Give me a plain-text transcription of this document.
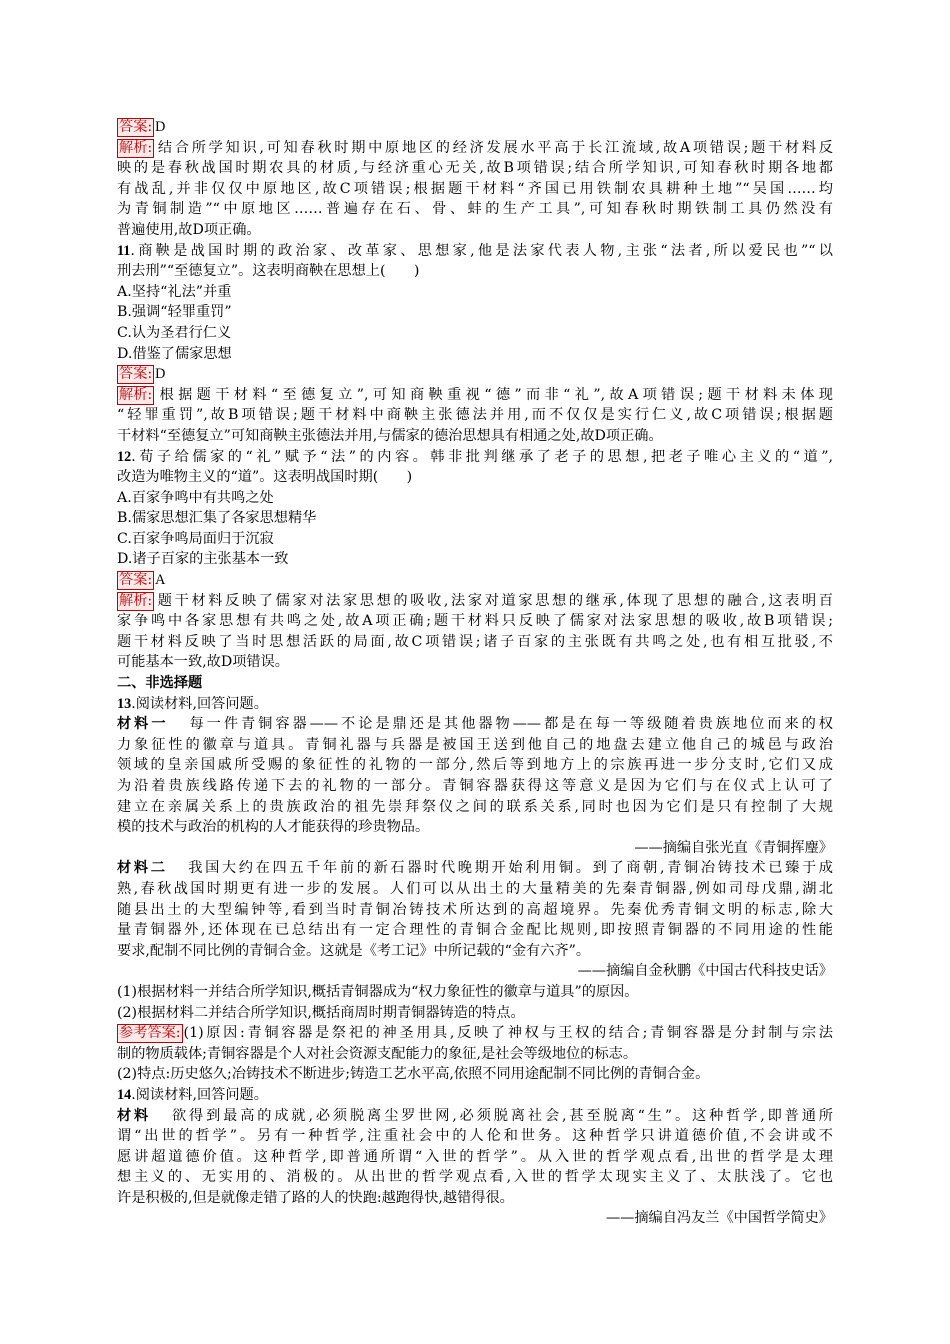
答案: D
解析: 结合所学知识,可知春秋时期中原地区的经济发展水平高于长江流域,故A项错误;题干材料反
映的是春秋战国时期农具的材质,与经济重心无关,故B项错误;结合所学知识,可知春秋时期各地都
有战乱,并非仅仅中原地区,故C项错误;根据题干材料“齐国已用铁制农具耕种土地”“吴国……均
为青铜制造”“中原地区……普遍存在石、骨、蚌的生产工具”,可知春秋时期铁制工具仍然没有
普遍使用,故D项正确。
11.商鞅是战国时期的政治家、改革家、思想家,他是法家代表人物,主张“法者,所以爱民也”“以
刑去刑”“至德复立”。这表明商鞅在思想上(　　)
A.坚持“礼法”并重
B.强调“轻罪重罚”
C.认为圣君行仁义
D.借鉴了儒家思想
答案: D
解析: 根据题干材料“至德复立”,可知商鞅重视“德”而非“礼”,故A项错误;题干材料未体现
“轻罪重罚”,故B项错误;题干材料中商鞅主张德法并用,而不仅仅是实行仁义,故C项错误;根据题
干材料“至德复立”可知商鞅主张德法并用,与儒家的德治思想具有相通之处,故D项正确。
12.荀子给儒家的“礼”赋予“法”的内容。韩非批判继承了老子的思想,把老子唯心主义的“道”,
改造为唯物主义的“道”。这表明战国时期(　　)
A.百家争鸣中有共鸣之处
B.儒家思想汇集了各家思想精华
C.百家争鸣局面归于沉寂
D.诸子百家的主张基本一致
答案: A
解析: 题干材料反映了儒家对法家思想的吸收,法家对道家思想的继承,体现了思想的融合,这表明百
家争鸣中各家思想有共鸣之处,故A项正确;题干材料只反映了儒家对法家思想的吸收,故B项错误;
题干材料反映了当时思想活跃的局面,故C项错误;诸子百家的主张既有共鸣之处,也有相互批驳,不
可能基本一致,故D项错误。
二、非选择题
13.阅读材料,回答问题。
材料一 每一件青铜容器——不论是鼎还是其他器物——都是在每一等级随着贵族地位而来的权
力象征性的徽章与道具。青铜礼器与兵器是被国王送到他自己的地盘去建立他自己的城邑与政治
领域的皇亲国戚所受赐的象征性的礼物的一部分,然后等到地方上的宗族再进一步分支时,它们又成
为沿着贵族线路传递下去的礼物的一部分。青铜容器获得这等意义是因为它们与在仪式上认可了
建立在亲属关系上的贵族政治的祖先崇拜祭仪之间的联系关系,同时也因为它们是只有控制了大规
模的技术与政治的机构的人才能获得的珍贵物品。
——摘编自张光直《青铜挥麈》
材料二 我国大约在四五千年前的新石器时代晚期开始利用铜。到了商朝,青铜冶铸技术已臻于成
熟,春秋战国时期更有进一步的发展。人们可以从出土的大量精美的先秦青铜器,例如司母戊鼎,湖北
随县出土的大型编钟等,看到当时青铜冶铸技术所达到的高超境界。先秦优秀青铜文明的标志,除大
量青铜器外,还体现在已总结出有一定合理性的青铜合金配比规则,即按照青铜器的不同用途的性能
要求,配制不同比例的青铜合金。这就是《考工记》中所记载的“金有六齐”。
——摘编自金秋鹏《中国古代科技史话》
(1)根据材料一并结合所学知识,概括青铜器成为“权力象征性的徽章与道具”的原因。
(2)根据材料二并结合所学知识,概括商周时期青铜器铸造的特点。
参考答案: (1)原因:青铜容器是祭祀的神圣用具,反映了神权与王权的结合;青铜容器是分封制与宗法
制的物质载体;青铜容器是个人对社会资源支配能力的象征,是社会等级地位的标志。
(2)特点:历史悠久;冶铸技术不断进步;铸造工艺水平高,依照不同用途配制不同比例的青铜合金。
14.阅读材料,回答问题。
材料 欲得到最高的成就,必须脱离尘罗世网,必须脱离社会,甚至脱离“生”。这种哲学,即普通所
谓“出世的哲学”。另有一种哲学,注重社会中的人伦和世务。这种哲学只讲道德价值,不会讲或不
愿讲超道德价值。这种哲学,即普通所谓“入世的哲学”。从入世的哲学观点看,出世的哲学是太理
想主义的、无实用的、消极的。从出世的哲学观点看,入世的哲学太现实主义了、太肤浅了。它也
许是积极的,但是就像走错了路的人的快跑:越跑得快,越错得很。
——摘编自冯友兰《中国哲学简史》
